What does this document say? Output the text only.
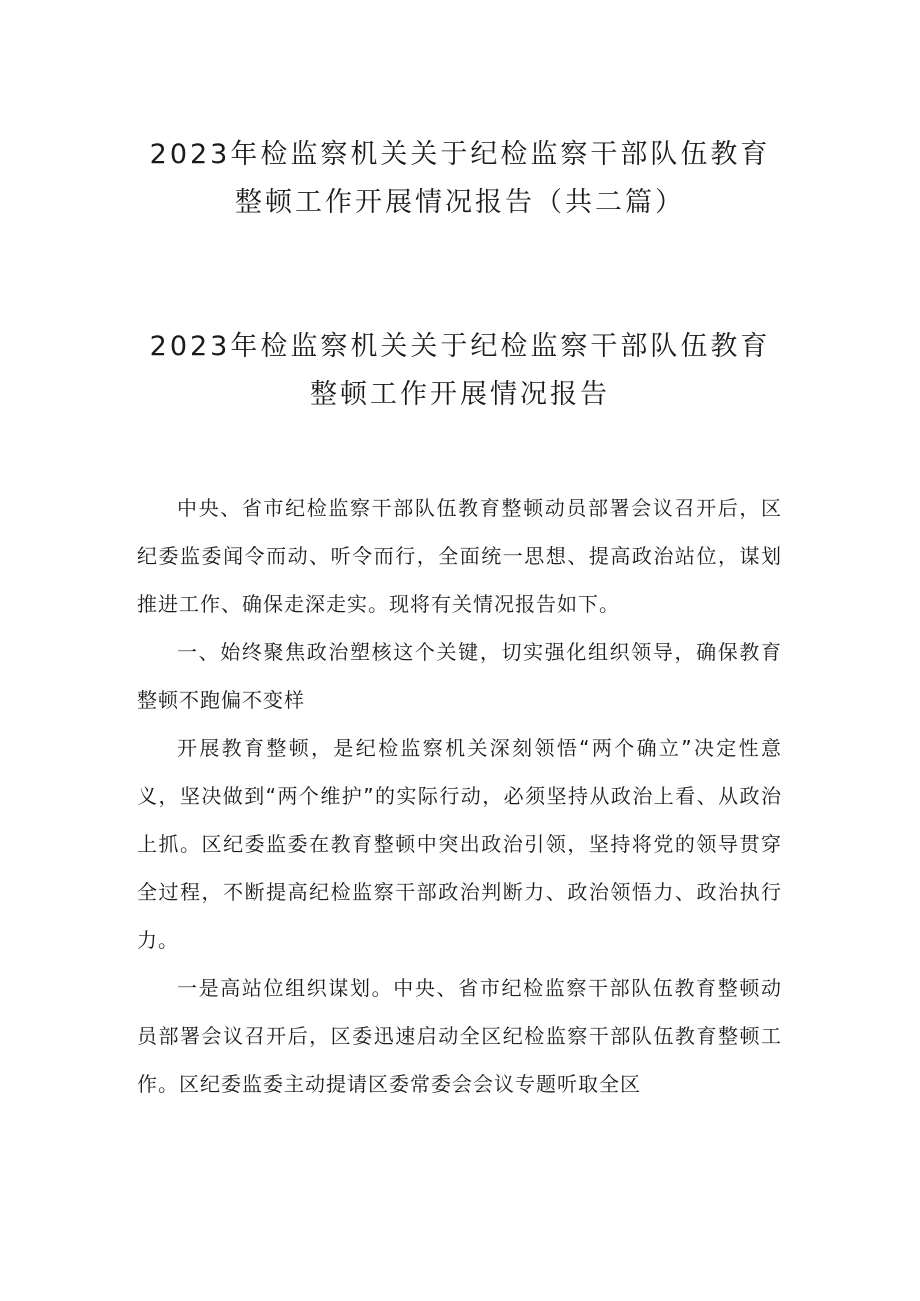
2023年检监察机关关于纪检监察干部队伍教育
整顿工作开展情况报告（共二篇）
2023年检监察机关关于纪检监察干部队伍教育
整顿工作开展情况报告

中央、省市纪检监察干部队伍教育整顿动员部署会议召开后，区纪委监委闻令而动、听令而行，全面统一思想、提高政治站位，谋划推进工作、确保走深走实。现将有关情况报告如下。

一、始终聚焦政治塑核这个关键，切实强化组织领导，确保教育整顿不跑偏不变样

开展教育整顿，是纪检监察机关深刻领悟“两个确立”决定性意义，坚决做到“两个维护”的实际行动，必须坚持从政治上看、从政治上抓。区纪委监委在教育整顿中突出政治引领，坚持将党的领导贯穿全过程，不断提高纪检监察干部政治判断力、政治领悟力、政治执行力。

一是高站位组织谋划。中央、省市纪检监察干部队伍教育整顿动员部署会议召开后，区委迅速启动全区纪检监察干部队伍教育整顿工作。区纪委监委主动提请区委常委会会议专题听取全区
